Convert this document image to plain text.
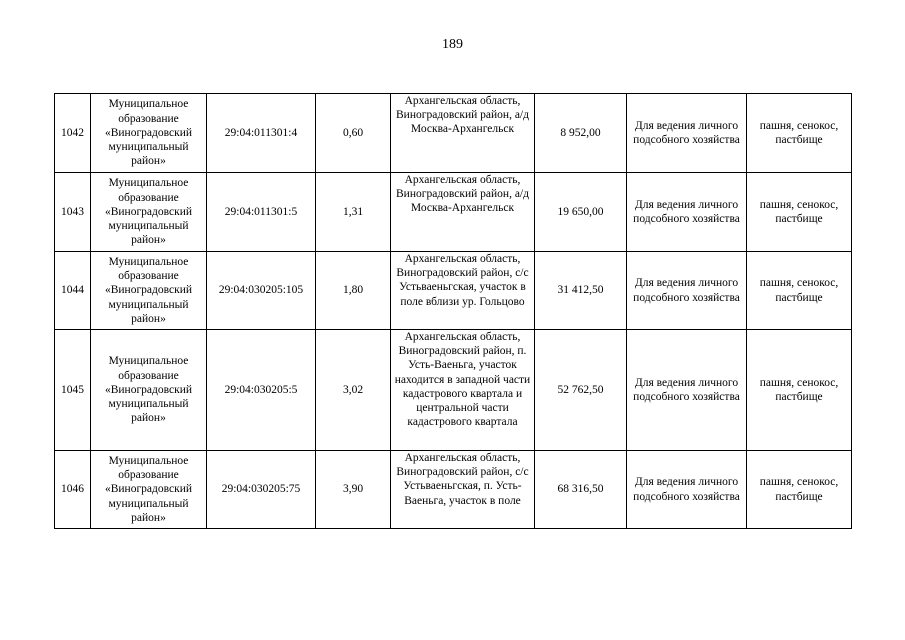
189
1042	Муниципальное образование «Виноградовский муниципальный район»	29:04:011301:4	0,60	Архангельская область, Виноградовский район, а/д Москва-Архангельск	8 952,00	Для ведения личного подсобного хозяйства	пашня, сенокос, пастбище
1043	Муниципальное образование «Виноградовский муниципальный район»	29:04:011301:5	1,31	Архангельская область, Виноградовский район, а/д Москва-Архангельск	19 650,00	Для ведения личного подсобного хозяйства	пашня, сенокос, пастбище
1044	Муниципальное образование «Виноградовский муниципальный район»	29:04:030205:105	1,80	Архангельская область, Виноградовский район, с/с Устьваеньгская, участок в поле вблизи ур. Гольцово	31 412,50	Для ведения личного подсобного хозяйства	пашня, сенокос, пастбище
1045	Муниципальное образование «Виноградовский муниципальный район»	29:04:030205:5	3,02	Архангельская область, Виноградовский район, п. Усть-Ваеньга, участок находится в западной части кадастрового квартала и центральной части кадастрового квартала	52 762,50	Для ведения личного подсобного хозяйства	пашня, сенокос, пастбище
1046	Муниципальное образование «Виноградовский муниципальный район»	29:04:030205:75	3,90	Архангельская область, Виноградовский район, с/с Устьваеньгская, п. Усть-Ваеньга, участок в поле	68 316,50	Для ведения личного подсобного хозяйства	пашня, сенокос, пастбище
